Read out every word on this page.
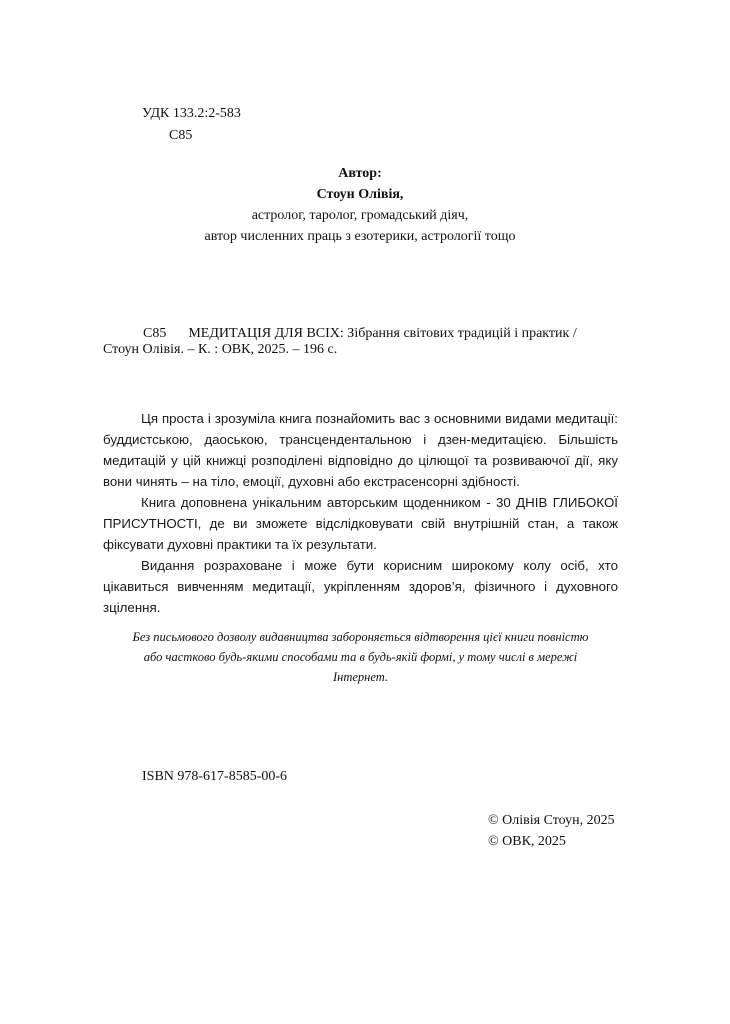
УДК 133.2:2-583
С85
Автор:
Стоун Олівія,
астролог, таролог, громадський діяч,
автор численних праць з езотерики, астрології тощо
С85 МЕДИТАЦІЯ ДЛЯ ВСІХ: Зібрання світових традицій і практик /
Стоун Олівія. – К. : ОВК, 2025. – 196 с.

Ця проста і зрозуміла книга познайомить вас з основними видами медитації: буддистською, даоською, трансцендентальною і дзен-медитацією. Більшість медитацій у цій книжці розподілені відповідно до цілющої та розвиваючої дії, яку вони чинять – на тіло, емоції, духовні або екстрасенсорні здібності.

Книга доповнена унікальним авторським щоденником - 30 ДНІВ ГЛИБОКОЇ ПРИСУТНОСТІ, де ви зможете відслідковувати свій внутрішній стан, а також фіксувати духовні практики та їх результати.

Видання розраховане і може бути корисним широкому колу осіб, хто цікавиться вивченням медитації, укріпленням здоров’я, фізичного і духовного зцілення.

Без письмового дозволу видавництва забороняється відтворення цієї книги повністю
або частково будь-якими способами та в будь-якій формі, у тому числі в мережі
Інтернет.
ISBN 978-617-8585-00-6
© Олівія Стоун, 2025
© ОВК, 2025
